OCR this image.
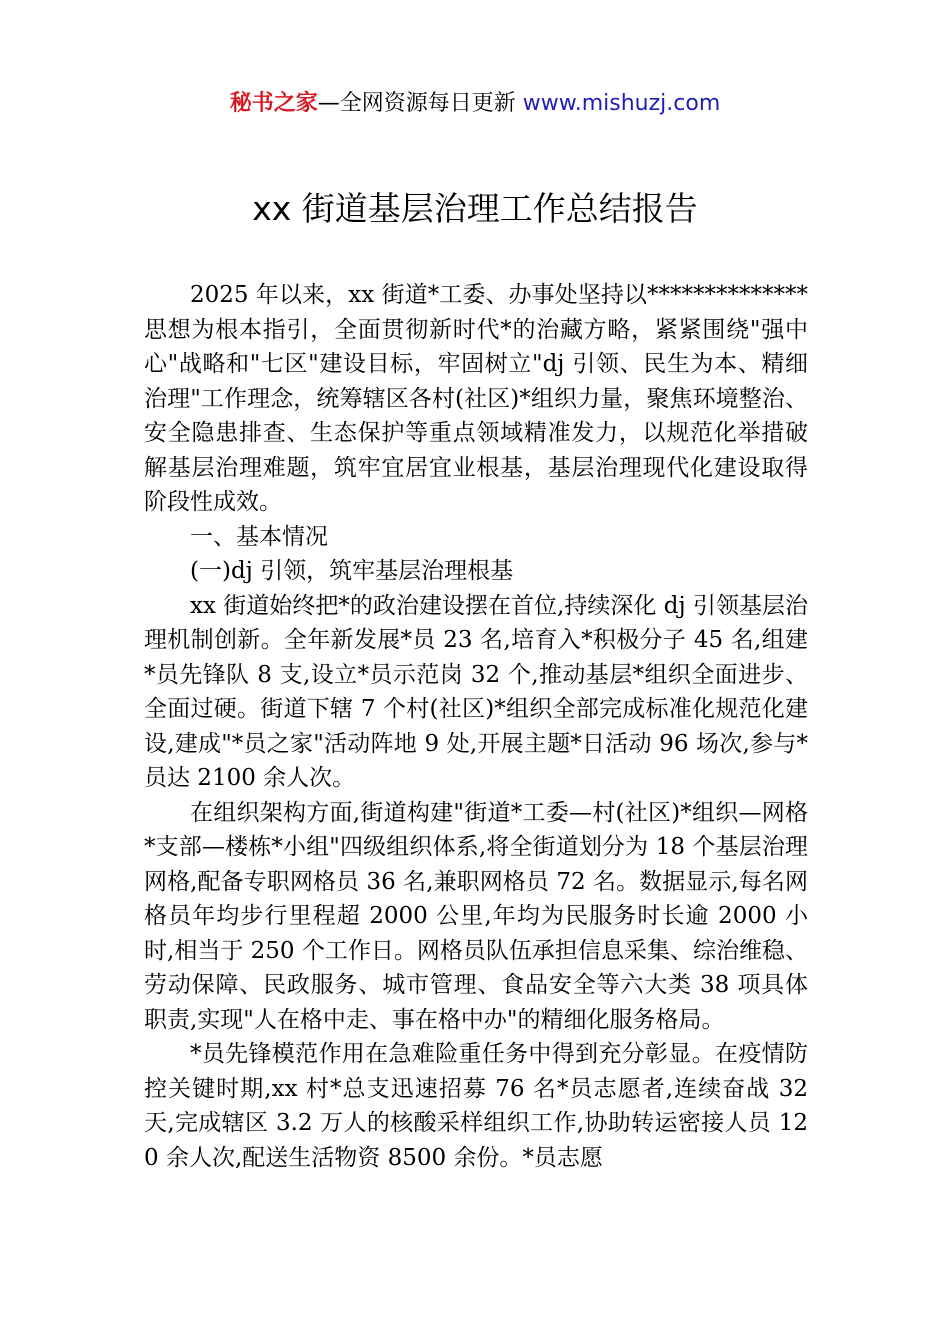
秘书之家—全网资源每日更新 www.mishuzj.com
xx 街道基层治理工作总结报告

2025 年以来，xx 街道*工委、办事处坚持以**************思想为根本指引，全面贯彻新时代*的治藏方略，紧紧围绕"强中心"战略和"七区"建设目标，牢固树立"dj 引领、民生为本、精细治理"工作理念，统筹辖区各村(社区)*组织力量，聚焦环境整治、安全隐患排查、生态保护等重点领域精准发力，以规范化举措破解基层治理难题，筑牢宜居宜业根基，基层治理现代化建设取得阶段性成效。

一、基本情况

(一)dj 引领，筑牢基层治理根基

xx 街道始终把*的政治建设摆在首位,持续深化 dj 引领基层治理机制创新。全年新发展*员 23 名,培育入*积极分子 45 名,组建*员先锋队 8 支,设立*员示范岗 32 个,推动基层*组织全面进步、全面过硬。街道下辖 7 个村(社区)*组织全部完成标准化规范化建设,建成"*员之家"活动阵地 9 处,开展主题*日活动 96 场次,参与*员达 2100 余人次。

在组织架构方面,街道构建"街道*工委—村(社区)*组织—网格*支部—楼栋*小组"四级组织体系,将全街道划分为 18 个基层治理网格,配备专职网格员 36 名,兼职网格员 72 名。数据显示,每名网格员年均步行里程超 2000 公里,年均为民服务时长逾 2000 小时,相当于 250 个工作日。网格员队伍承担信息采集、综治维稳、劳动保障、民政服务、城市管理、食品安全等六大类 38 项具体职责,实现"人在格中走、事在格中办"的精细化服务格局。

*员先锋模范作用在急难险重任务中得到充分彰显。在疫情防控关键时期,xx 村*总支迅速招募 76 名*员志愿者,连续奋战 32 天,完成辖区 3.2 万人的核酸采样组织工作,协助转运密接人员 120 余人次,配送生活物资 8500 余份。*员志愿
